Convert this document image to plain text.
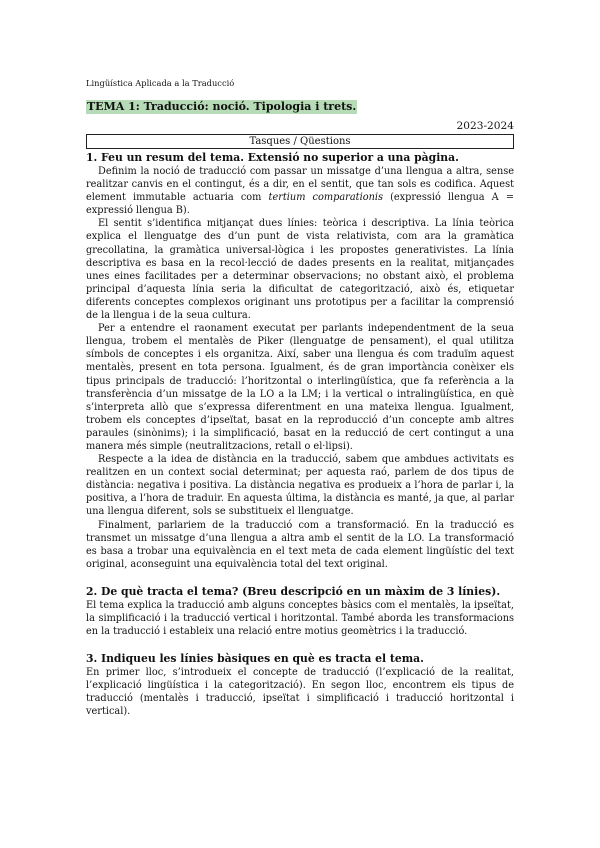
Lingüística Aplicada a la Traducció
TEMA 1: Traducció: noció. Tipologia i trets.
2023-2024
Tasques / Qüestions
1. Feu un resum del tema. Extensió no superior a una pàgina.

Definim la noció de traducció com passar un missatge d’una llengua a altra, sense realitzar canvis en el contingut, és a dir, en el sentit, que tan sols es codifica. Aquest element immutable actuaria com tertium comparationis (expressió llengua A = expressió llengua B).

El sentit s’identifica mitjançat dues línies: teòrica i descriptiva. La línia teòrica explica el llenguatge des d’un punt de vista relativista, com ara la gramàtica grecollatina, la gramàtica universal-lògica i les propostes generativistes. La línia descriptiva es basa en la recol·lecció de dades presents en la realitat, mitjançades unes eines facilitades per a determinar observacions; no obstant això, el problema principal d’aquesta línia seria la dificultat de categorització, això és, etiquetar diferents conceptes complexos originant uns prototipus per a facilitar la comprensió de la llengua i de la seua cultura.

Per a entendre el raonament executat per parlants independentment de la seua llengua, trobem el mentalès de Piker (llenguatge de pensament), el qual utilitza símbols de conceptes i els organitza. Així, saber una llengua és com traduïm aquest mentalès, present en tota persona. Igualment, és de gran importància conèixer els tipus principals de traducció: l’horitzontal o interlingüística, que fa referència a la transferència d’un missatge de la LO a la LM; i la vertical o intralingüística, en què s’interpreta allò que s’expressa diferentment en una mateixa llengua. Igualment, trobem els conceptes d’ipseïtat, basat en la reproducció d’un concepte amb altres paraules (sinònims); i la simplificació, basat en la reducció de cert contingut a una manera més simple (neutralitzacions, retall o el·lipsi).

Respecte a la idea de distància en la traducció, sabem que ambdues activitats es realitzen en un context social determinat; per aquesta raó, parlem de dos tipus de distància: negativa i positiva. La distància negativa es produeix a l’hora de parlar i, la positiva, a l’hora de traduir. En aquesta última, la distància es manté, ja que, al parlar una llengua diferent, sols se substitueix el llenguatge.

Finalment, parlariem de la traducció com a transformació. En la traducció es transmet un missatge d’una llengua a altra amb el sentit de la LO. La transformació es basa a trobar una equivalència en el text meta de cada element lingüístic del text original, aconseguint una equivalència total del text original.

2. De què tracta el tema? (Breu descripció en un màxim de 3 línies).

El tema explica la traducció amb alguns conceptes bàsics com el mentalès, la ipseïtat, la simplificació i la traducció vertical i horitzontal. També aborda les transformacions en la traducció i estableix una relació entre motius geomètrics i la traducció.

3. Indiqueu les línies bàsiques en què es tracta el tema.

En primer lloc, s’introdueix el concepte de traducció (l’explicació de la realitat, l’explicació lingüística i la categorització). En segon lloc, encontrem els tipus de traducció (mentalès i traducció, ipseïtat i simplificació i traducció horitzontal i vertical).
